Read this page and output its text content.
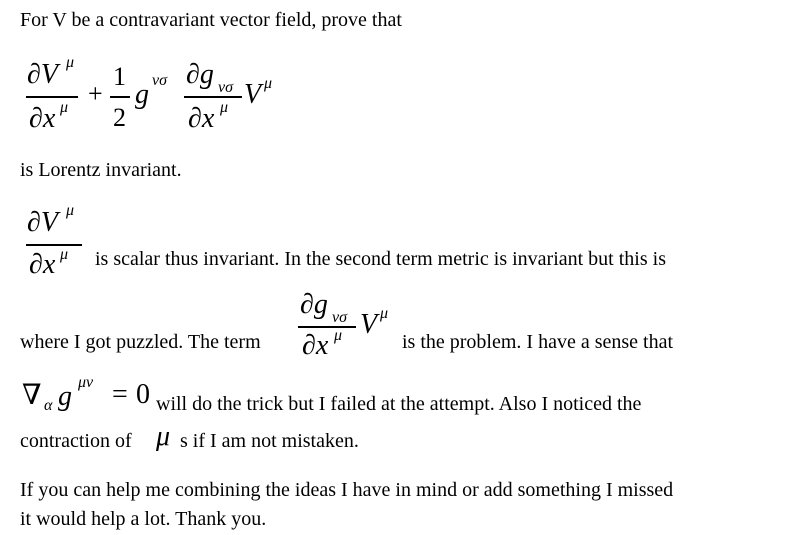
For V be a contravariant vector field, prove that
∂V μ
∂x μ +
1
2
g νσ ∂g νσ
∂x μ V μ
is Lorentz invariant.
∂V μ
∂x μ is scalar thus invariant. In the second term metric is invariant but this is
∂g νσ
∂x μ V μ
where I got puzzled. The term	is the problem. I have a sense that
∇ α g μν = 0 will do the trick but I failed at the attempt. Also I noticed the
contraction of μ s if I am not mistaken.
If you can help me combining the ideas I have in mind or add something I missed
it would help a lot. Thank you.
